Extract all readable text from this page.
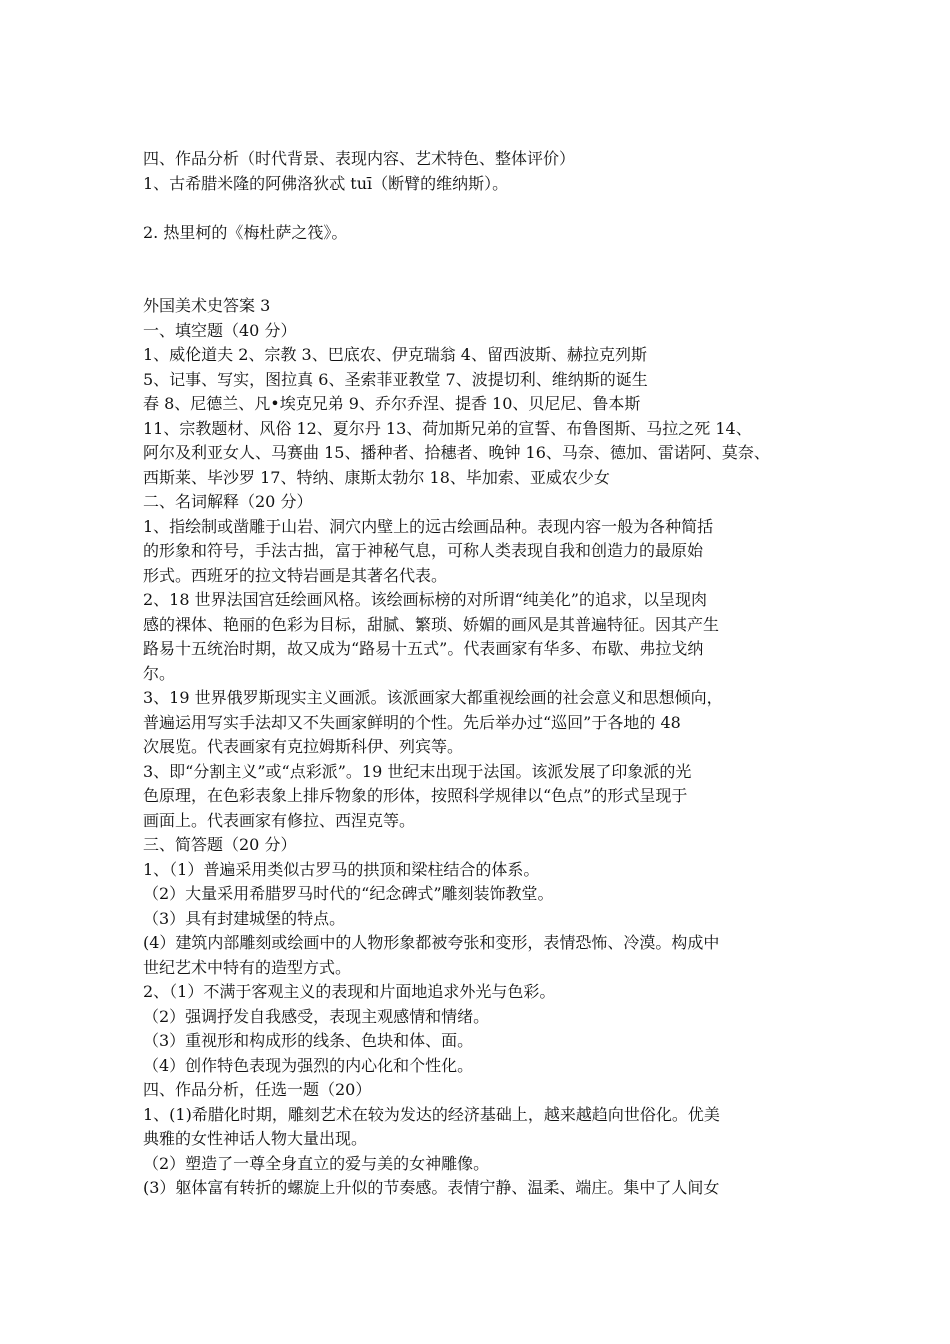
四、作品分析（时代背景、表现内容、艺术特色、整体评价）
1、古希腊米隆的阿佛洛狄忒 tuī（断臂的维纳斯）。
2. 热里柯的《梅杜萨之筏》。
外国美术史答案 3
一、填空题（40 分）
1、威伦道夫 2、宗教 3、巴底农、伊克瑞翁 4、留西波斯、赫拉克列斯
5、记事、写实，图拉真 6、圣索菲亚教堂 7、波提切利、维纳斯的诞生
春 8、尼德兰、凡•埃克兄弟 9、乔尔乔涅、提香 10、贝尼尼、鲁本斯
11、宗教题材、风俗 12、夏尔丹 13、荷加斯兄弟的宣誓、布鲁图斯、马拉之死 14、
阿尔及利亚女人、马赛曲 15、播种者、拾穗者、晚钟 16、马奈、德加、雷诺阿、莫奈、
西斯莱、毕沙罗 17、特纳、康斯太勃尔 18、毕加索、亚威农少女
二、名词解释（20 分）
1、指绘制或凿雕于山岩、洞穴内壁上的远古绘画品种。表现内容一般为各种简括
的形象和符号，手法古拙，富于神秘气息，可称人类表现自我和创造力的最原始
形式。西班牙的拉文特岩画是其著名代表。
2、18 世界法国宫廷绘画风格。该绘画标榜的对所谓“纯美化”的追求，以呈现肉
感的裸体、艳丽的色彩为目标，甜腻、繁琐、娇媚的画风是其普遍特征。因其产生
路易十五统治时期，故又成为“路易十五式”。代表画家有华多、布歇、弗拉戈纳
尔。
3、19 世界俄罗斯现实主义画派。该派画家大都重视绘画的社会意义和思想倾向，
普遍运用写实手法却又不失画家鲜明的个性。先后举办过“巡回”于各地的 48
次展览。代表画家有克拉姆斯科伊、列宾等。
3、即“分割主义”或“点彩派”。19 世纪末出现于法国。该派发展了印象派的光
色原理，在色彩表象上排斥物象的形体，按照科学规律以“色点”的形式呈现于
画面上。代表画家有修拉、西涅克等。
三、简答题（20 分）
1、（1）普遍采用类似古罗马的拱顶和梁柱结合的体系。
（2）大量采用希腊罗马时代的“纪念碑式”雕刻装饰教堂。
（3）具有封建城堡的特点。
(4）建筑内部雕刻或绘画中的人物形象都被夸张和变形，表情恐怖、冷漠。构成中
世纪艺术中特有的造型方式。
2、（1）不满于客观主义的表现和片面地追求外光与色彩。
（2）强调抒发自我感受，表现主观感情和情绪。
（3）重视形和构成形的线条、色块和体、面。
（4）创作特色表现为强烈的内心化和个性化。
四、作品分析，任选一题（20）
1、(1)希腊化时期，雕刻艺术在较为发达的经济基础上，越来越趋向世俗化。优美
典雅的女性神话人物大量出现。
（2）塑造了一尊全身直立的爱与美的女神雕像。
(3）躯体富有转折的螺旋上升似的节奏感。表情宁静、温柔、端庄。集中了人间女
